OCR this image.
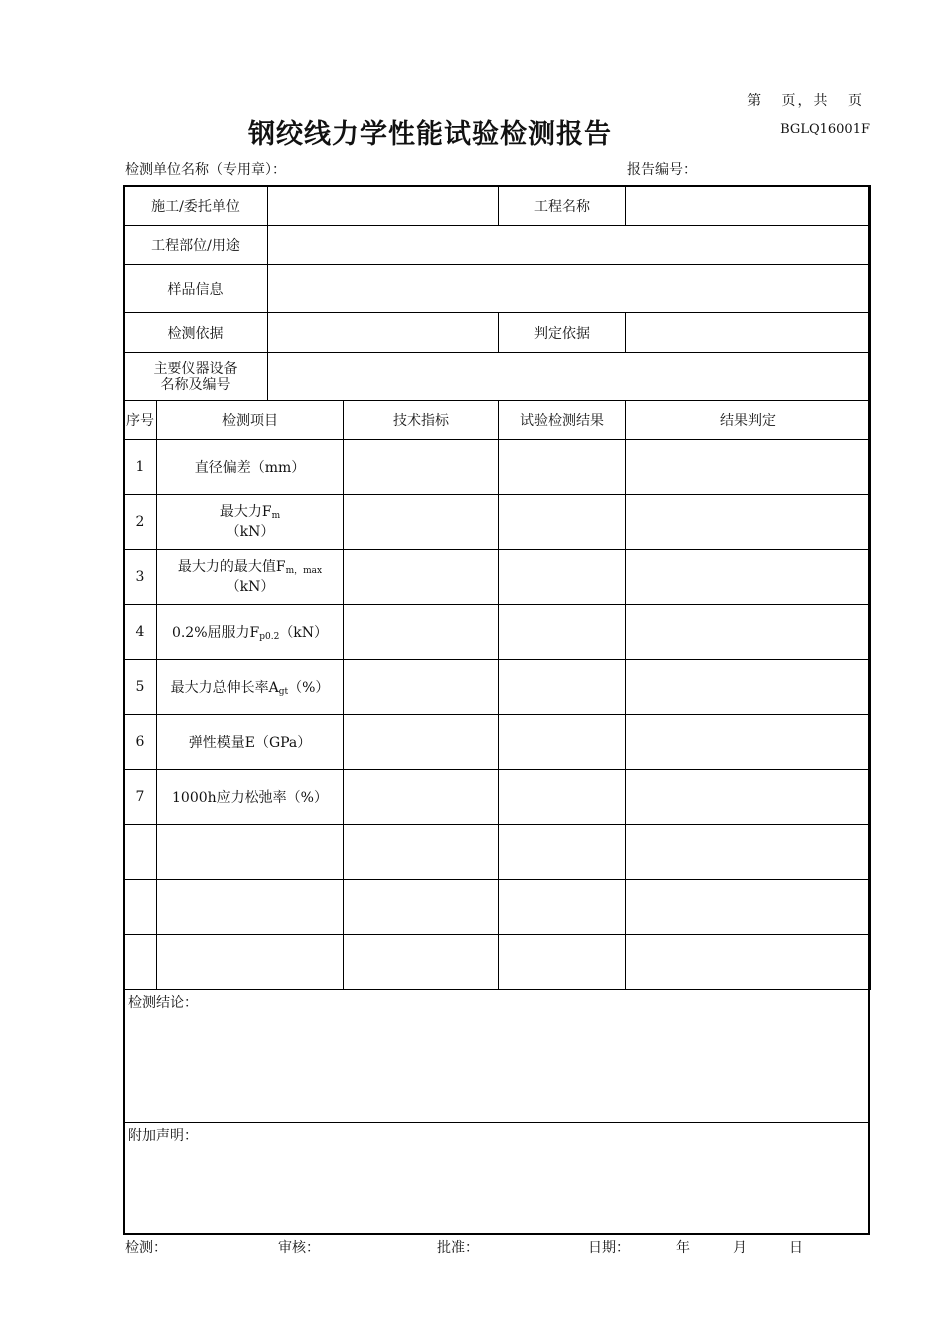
第 页，共 页
钢绞线力学性能试验检测报告	BGLQ16001F
检测单位名称（专用章）：	报告编号：
施工/委托单位		工程名称	
工程部位/用途			
样品信息			
检测依据		判定依据	

主要仪器设备
名称及编号			

序号	检测项目	技术指标	试验检测结果	结果判定
1	直径偏差（mm）			
2	最大力$F_m$
（kN）			

3	最大力的最大值$F_{m,max}$
（kN）			

4	0.2%屈服力$F_{p0.2}(kN)$			
5	最大力总伸长率$A_{gt}(\%)$			
6	弹性模量E（GPa）			
7	1000h应力松弛率（%）			

检测结论：
附加声明：
检测：	审核：	批准：	日期：	年	月	日
